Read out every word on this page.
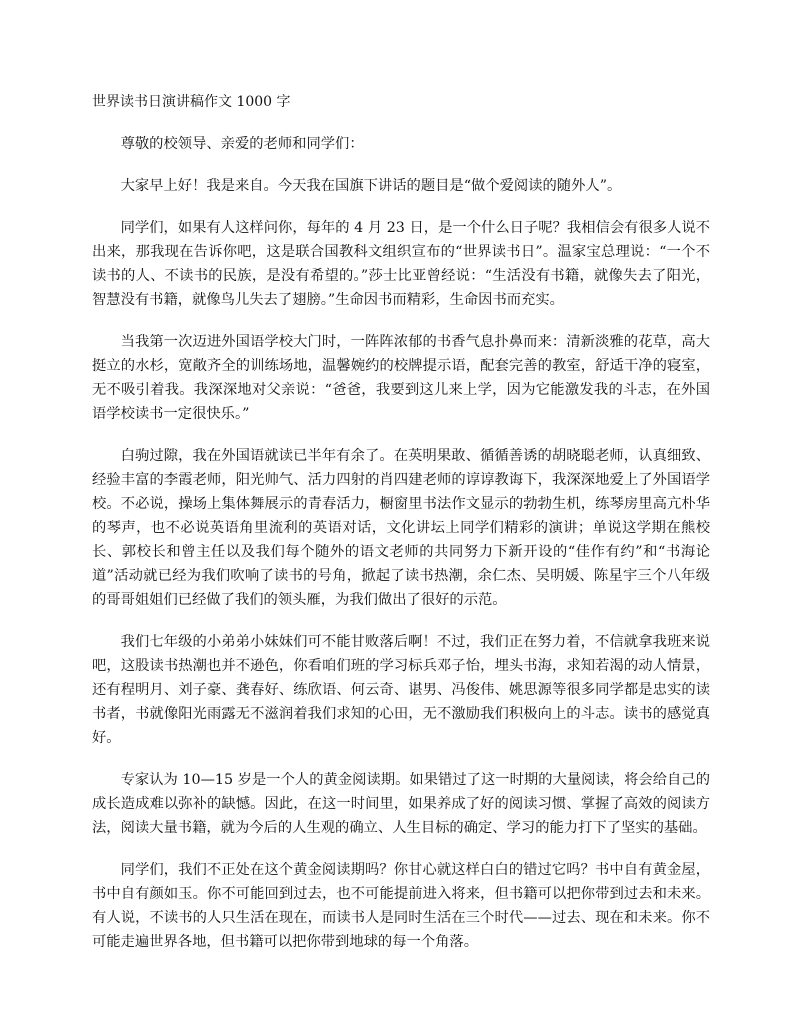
世界读书日演讲稿作文 1000 字

尊敬的校领导、亲爱的老师和同学们：

大家早上好！我是来自。今天我在国旗下讲话的题目是“做个爱阅读的随外人”。

同学们，如果有人这样问你，每年的 4 月 23 日，是一个什么日子呢？我相信会有很多人说不出来，那我现在告诉你吧，这是联合国教科文组织宣布的“世界读书日”。温家宝总理说：“一个不读书的人、不读书的民族，是没有希望的。”莎士比亚曾经说：“生活没有书籍，就像失去了阳光，智慧没有书籍，就像鸟儿失去了翅膀。”生命因书而精彩，生命因书而充实。

当我第一次迈进外国语学校大门时，一阵阵浓郁的书香气息扑鼻而来：清新淡雅的花草，高大挺立的水杉，宽敞齐全的训练场地，温馨婉约的校牌提示语，配套完善的教室，舒适干净的寝室，无不吸引着我。我深深地对父亲说：“爸爸，我要到这儿来上学，因为它能激发我的斗志，在外国语学校读书一定很快乐。”

白驹过隙，我在外国语就读已半年有余了。在英明果敢、循循善诱的胡晓聪老师，认真细致、经验丰富的李霞老师，阳光帅气、活力四射的肖四建老师的谆谆教诲下，我深深地爱上了外国语学校。不必说，操场上集体舞展示的青春活力，橱窗里书法作文显示的勃勃生机，练琴房里高亢朴华的琴声，也不必说英语角里流利的英语对话，文化讲坛上同学们精彩的演讲；单说这学期在熊校长、郭校长和曾主任以及我们每个随外的语文老师的共同努力下新开设的“佳作有约”和“书海论道”活动就已经为我们吹响了读书的号角，掀起了读书热潮，余仁杰、吴明媛、陈星宇三个八年级的哥哥姐姐们已经做了我们的领头雁，为我们做出了很好的示范。

我们七年级的小弟弟小妹妹们可不能甘败落后啊！不过，我们正在努力着，不信就拿我班来说吧，这股读书热潮也并不逊色，你看咱们班的学习标兵邓子怡，埋头书海，求知若渴的动人情景，还有程明月、刘子豪、龚春好、练欣语、何云奇、谌男、冯俊伟、姚思源等很多同学都是忠实的读书者，书就像阳光雨露无不滋润着我们求知的心田，无不激励我们积极向上的斗志。读书的感觉真好。

专家认为 10—15 岁是一个人的黄金阅读期。如果错过了这一时期的大量阅读，将会给自己的成长造成难以弥补的缺憾。因此，在这一时间里，如果养成了好的阅读习惯、掌握了高效的阅读方法，阅读大量书籍，就为今后的人生观的确立、人生目标的确定、学习的能力打下了坚实的基础。

同学们，我们不正处在这个黄金阅读期吗？你甘心就这样白白的错过它吗？书中自有黄金屋，书中自有颜如玉。你不可能回到过去，也不可能提前进入将来，但书籍可以把你带到过去和未来。有人说，不读书的人只生活在现在，而读书人是同时生活在三个时代——过去、现在和未来。你不可能走遍世界各地，但书籍可以把你带到地球的每一个角落。
